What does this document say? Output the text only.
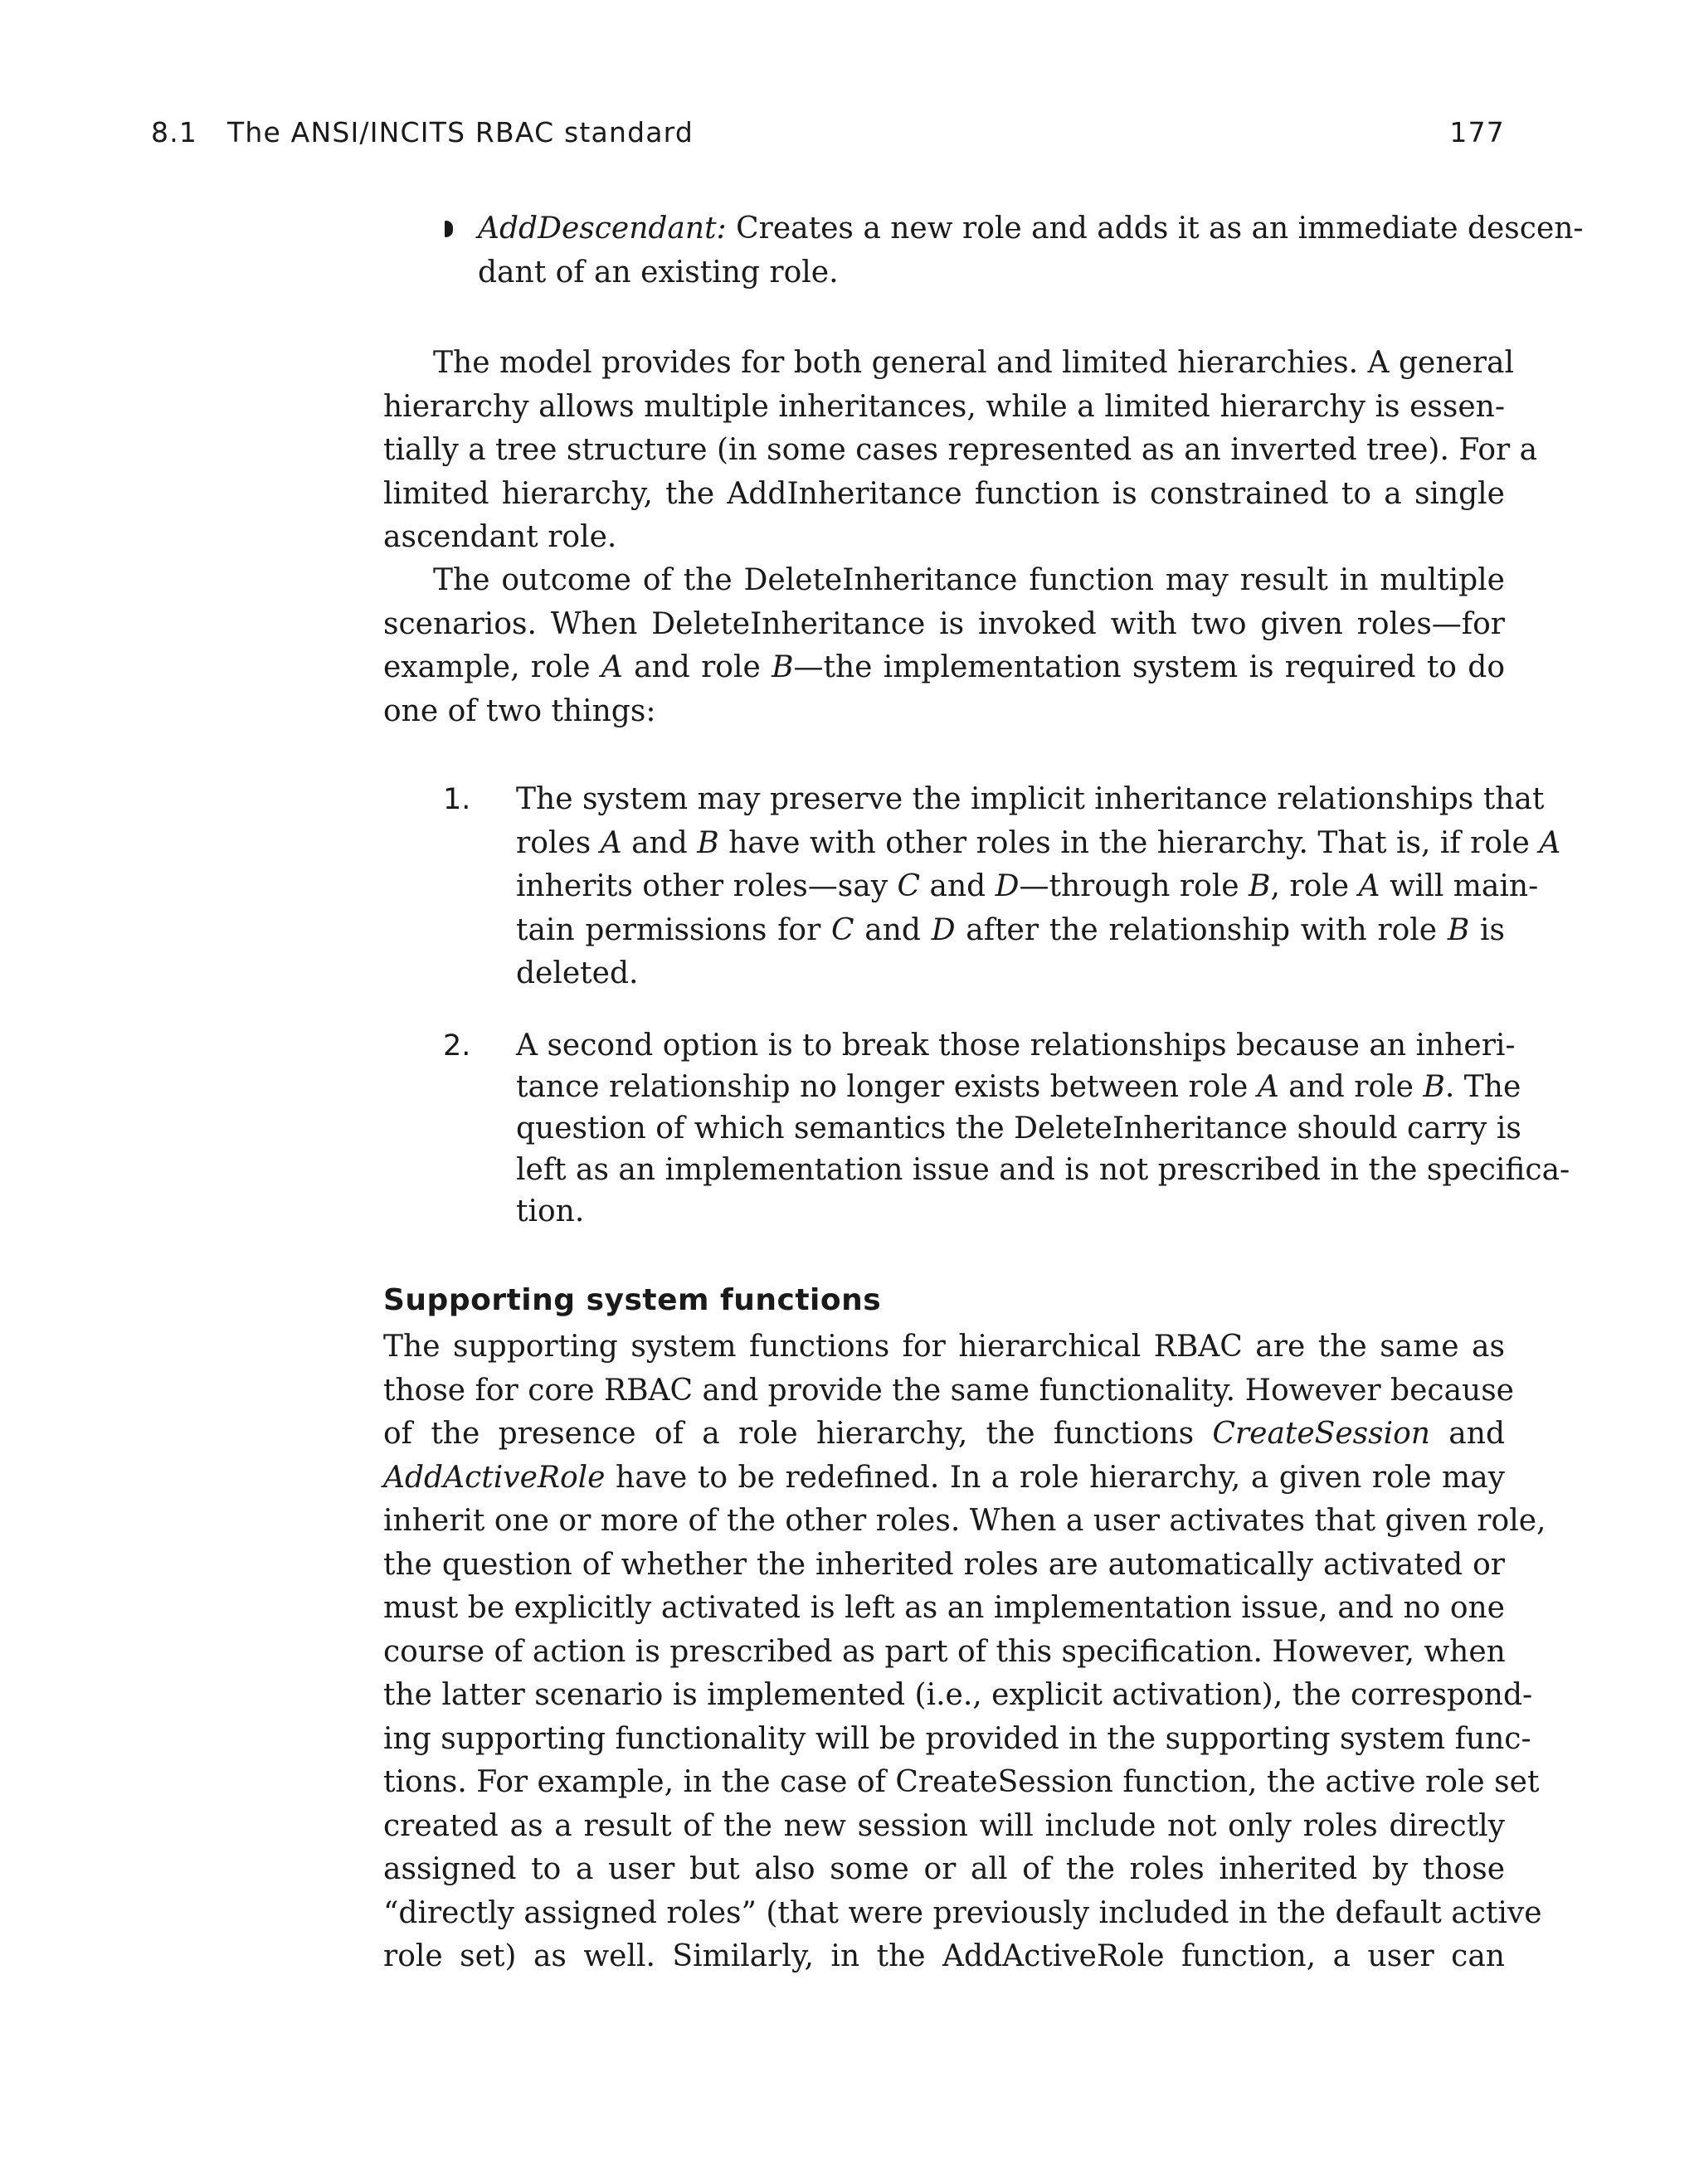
8.1 The ANSI/INCITS RBAC standard	177
AddDescendant: Creates a new role and adds it as an immediate descen-
dant of an existing role.
The model provides for both general and limited hierarchies. A general
hierarchy allows multiple inheritances, while a limited hierarchy is essen-
tially a tree structure (in some cases represented as an inverted tree). For a
limited hierarchy, the AddInheritance function is constrained to a single
ascendant role.
The outcome of the DeleteInheritance function may result in multiple
scenarios. When DeleteInheritance is invoked with two given roles—for
example, role A and role B—the implementation system is required to do
one of two things:
1. The system may preserve the implicit inheritance relationships that
roles A and B have with other roles in the hierarchy. That is, if role A
inherits other roles—say C and D—through role B, role A will main-
tain permissions for C and D after the relationship with role B is
deleted.
2. A second option is to break those relationships because an inheri-
tance relationship no longer exists between role A and role B. The
question of which semantics the DeleteInheritance should carry is
left as an implementation issue and is not prescribed in the specifica-
tion.
Supporting system functions
The supporting system functions for hierarchical RBAC are the same as
those for core RBAC and provide the same functionality. However because
of the presence of a role hierarchy, the functions CreateSession and
AddActiveRole have to be redefined. In a role hierarchy, a given role may
inherit one or more of the other roles. When a user activates that given role,
the question of whether the inherited roles are automatically activated or
must be explicitly activated is left as an implementation issue, and no one
course of action is prescribed as part of this specification. However, when
the latter scenario is implemented (i.e., explicit activation), the correspond-
ing supporting functionality will be provided in the supporting system func-
tions. For example, in the case of CreateSession function, the active role set
created as a result of the new session will include not only roles directly
assigned to a user but also some or all of the roles inherited by those
“directly assigned roles” (that were previously included in the default active
role set) as well. Similarly, in the AddActiveRole function, a user can
